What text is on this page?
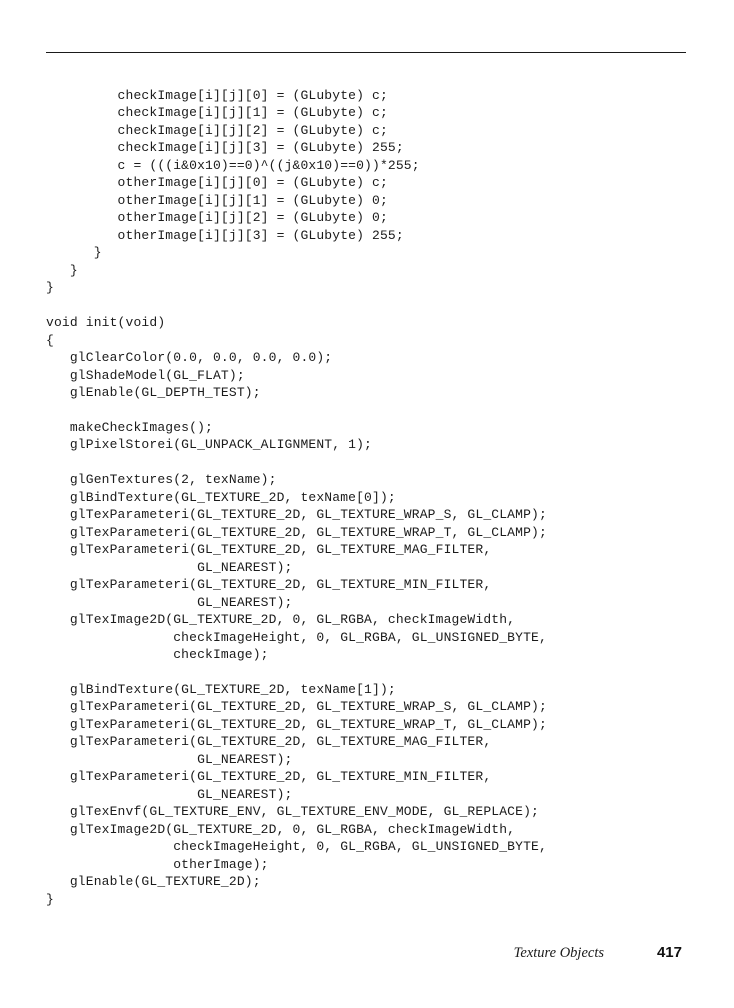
checkImage[i][j][0] = (GLubyte) c;
checkImage[i][j][1] = (GLubyte) c;
checkImage[i][j][2] = (GLubyte) c;
checkImage[i][j][3] = (GLubyte) 255;
c = (((i&0x10)==0)^((j&0x10)==0))*255;
otherImage[i][j][0] = (GLubyte) c;
otherImage[i][j][1] = (GLubyte) 0;
otherImage[i][j][2] = (GLubyte) 0;
otherImage[i][j][3] = (GLubyte) 255;
}
}
}
void init(void)
{
glClearColor(0.0, 0.0, 0.0, 0.0);
glShadeModel(GL_FLAT);
glEnable(GL_DEPTH_TEST);
makeCheckImages();
glPixelStorei(GL_UNPACK_ALIGNMENT, 1);
glGenTextures(2, texName);
glBindTexture(GL_TEXTURE_2D, texName[0]);
glTexParameteri(GL_TEXTURE_2D, GL_TEXTURE_WRAP_S, GL_CLAMP);
glTexParameteri(GL_TEXTURE_2D, GL_TEXTURE_WRAP_T, GL_CLAMP);
glTexParameteri(GL_TEXTURE_2D, GL_TEXTURE_MAG_FILTER,
GL_NEAREST);
glTexParameteri(GL_TEXTURE_2D, GL_TEXTURE_MIN_FILTER,
GL_NEAREST);
glTexImage2D(GL_TEXTURE_2D, 0, GL_RGBA, checkImageWidth,
checkImageHeight, 0, GL_RGBA, GL_UNSIGNED_BYTE,
checkImage);
glBindTexture(GL_TEXTURE_2D, texName[1]);
glTexParameteri(GL_TEXTURE_2D, GL_TEXTURE_WRAP_S, GL_CLAMP);
glTexParameteri(GL_TEXTURE_2D, GL_TEXTURE_WRAP_T, GL_CLAMP);
glTexParameteri(GL_TEXTURE_2D, GL_TEXTURE_MAG_FILTER,
GL_NEAREST);
glTexParameteri(GL_TEXTURE_2D, GL_TEXTURE_MIN_FILTER,
GL_NEAREST);
glTexEnvf(GL_TEXTURE_ENV, GL_TEXTURE_ENV_MODE, GL_REPLACE);
glTexImage2D(GL_TEXTURE_2D, 0, GL_RGBA, checkImageWidth,
checkImageHeight, 0, GL_RGBA, GL_UNSIGNED_BYTE,
otherImage);
glEnable(GL_TEXTURE_2D);
}
Texture Objects	417
